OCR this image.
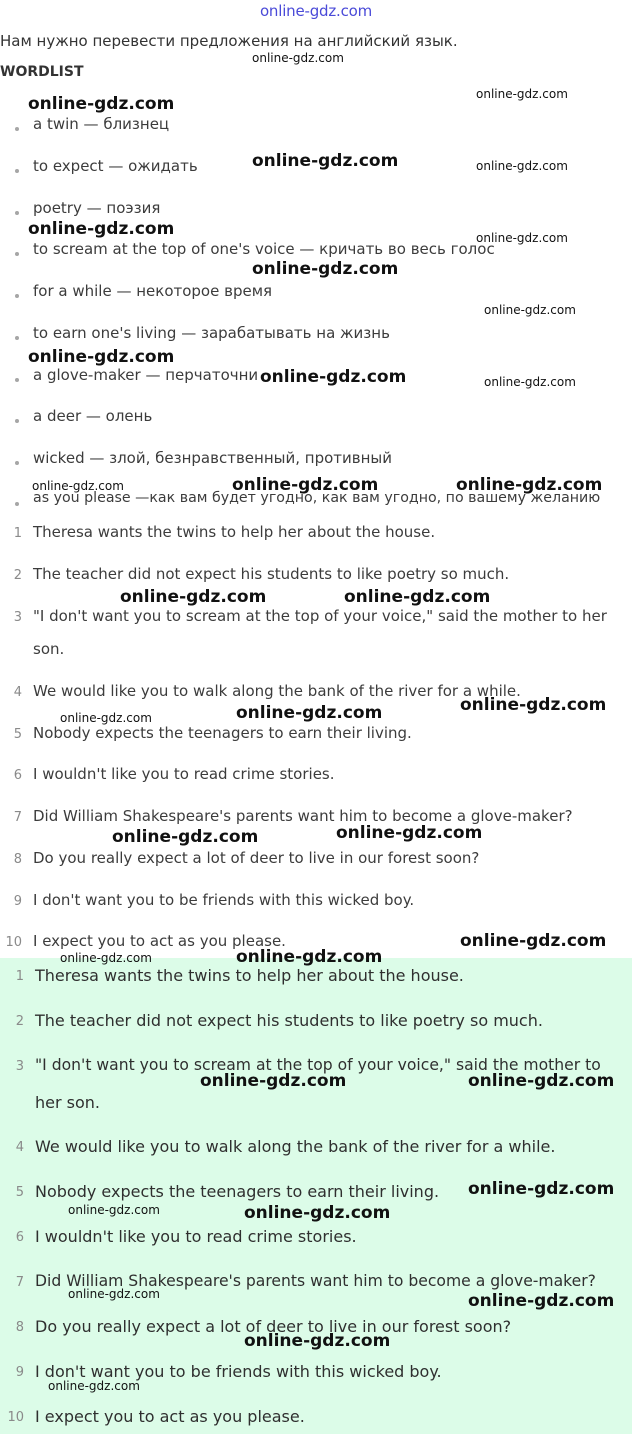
online-gdz.com
Нам нужно перевести предложения на английский язык.
WORDLIST
a twin — близнец
to expect — ожидать
poetry — поэзия
to scream at the top of one's voice — кричать во весь голос
for a while — некоторое время
to earn one's living — зарабатывать на жизнь
a glove-maker — перчаточни
a deer — олень
wicked — злой, безнравственный, противный
as you please —как вам будет угодно, как вам угодно, по вашему желанию
1 Theresa wants the twins to help her about the house.
2 The teacher did not expect his students to like poetry so much.
3 "I don't want you to scream at the top of your voice," said the mother to her
son.
4 We would like you to walk along the bank of the river for a while.
5 Nobody expects the teenagers to earn their living.
6 I wouldn't like you to read crime stories.
7 Did William Shakespeare's parents want him to become a glove-maker?
8 Do you really expect a lot of deer to live in our forest soon?
9 I don't want you to be friends with this wicked boy.
10 I expect you to act as you please.
1 Theresa wants the twins to help her about the house.
2 The teacher did not expect his students to like poetry so much.
3 "I don't want you to scream at the top of your voice," said the mother to
her son.
4 We would like you to walk along the bank of the river for a while.
5 Nobody expects the teenagers to earn their living.
6 I wouldn't like you to read crime stories.
7 Did William Shakespeare's parents want him to become a glove-maker?
8 Do you really expect a lot of deer to live in our forest soon?
9 I don't want you to be friends with this wicked boy.
10 I expect you to act as you please.
online-gdz.com
online-gdz.com	online-gdz.com
online-gdz.com	online-gdz.com
online-gdz.com	online-gdz.com
online-gdz.com
online-gdz.com
online-gdz.com
online-gdz.com	online-gdz.com
online-gdz.com	online-gdz.com	online-gdz.com
online-gdz.com	online-gdz.com
online-gdz.com
online-gdz.com
online-gdz.com
online-gdz.com
online-gdz.com
online-gdz.com
online-gdz.com
online-gdz.com
online-gdz.com	online-gdz.com
online-gdz.com
online-gdz.com	online-gdz.com
online-gdz.com	online-gdz.com
online-gdz.com
online-gdz.com
